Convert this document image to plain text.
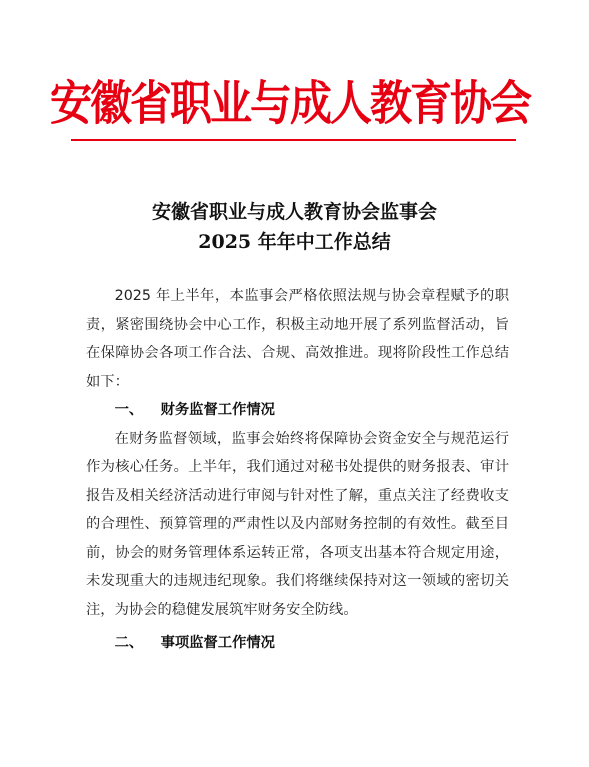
安徽省职业与成人教育协会
安徽省职业与成人教育协会监事会
2025 年年中工作总结

2025 年上半年，本监事会严格依照法规与协会章程赋予的职责，紧密围绕协会中心工作，积极主动地开展了系列监督活动，旨在保障协会各项工作合法、合规、高效推进。现将阶段性工作总结如下：

一、 财务监督工作情况

在财务监督领域，监事会始终将保障协会资金安全与规范运行作为核心任务。上半年，我们通过对秘书处提供的财务报表、审计报告及相关经济活动进行审阅与针对性了解，重点关注了经费收支的合理性、预算管理的严肃性以及内部财务控制的有效性。截至目前，协会的财务管理体系运转正常，各项支出基本符合规定用途，未发现重大的违规违纪现象。我们将继续保持对这一领域的密切关注，为协会的稳健发展筑牢财务安全防线。

二、 事项监督工作情况
